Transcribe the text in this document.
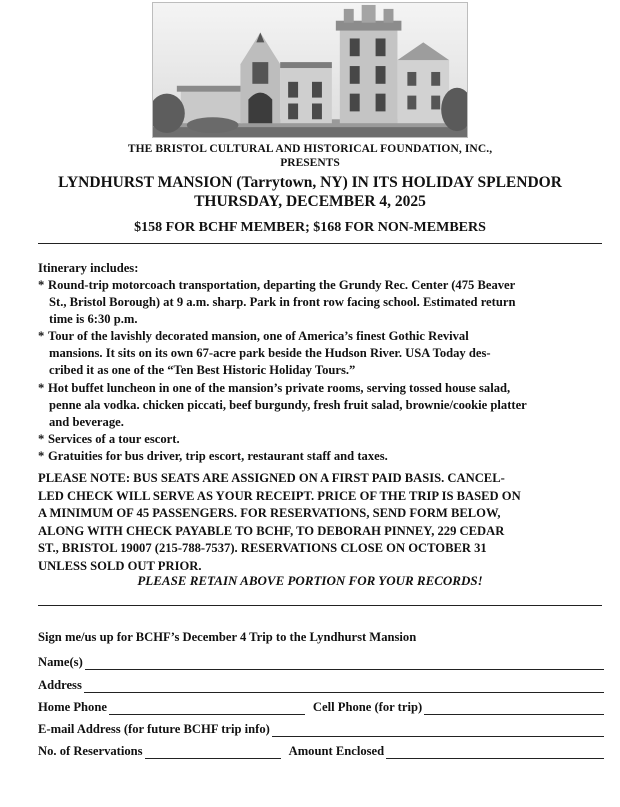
THE BRISTOL CULTURAL AND HISTORICAL FOUNDATION, INC.,
PRESENTS
LYNDHURST MANSION (Tarrytown, NY) IN ITS HOLIDAY SPLENDOR
THURSDAY, DECEMBER 4, 2025
$158 FOR BCHF MEMBER; $168 FOR NON-MEMBERS
Itinerary includes:
* Round-trip motorcoach transportation, departing the Grundy Rec. Center (475 Beaver
St., Bristol Borough) at 9 a.m. sharp. Park in front row facing school. Estimated return
time is 6:30 p.m.
* Tour of the lavishly decorated mansion, one of America’s finest Gothic Revival
mansions. It sits on its own 67-acre park beside the Hudson River. USA Today des-
cribed it as one of the “Ten Best Historic Holiday Tours.”
* Hot buffet luncheon in one of the mansion’s private rooms, serving tossed house salad,
penne ala vodka. chicken piccati, beef burgundy, fresh fruit salad, brownie/cookie platter
and beverage.
* Services of a tour escort.
* Gratuities for bus driver, trip escort, restaurant staff and taxes.
PLEASE NOTE: BUS SEATS ARE ASSIGNED ON A FIRST PAID BASIS. CANCEL-
LED CHECK WILL SERVE AS YOUR RECEIPT. PRICE OF THE TRIP IS BASED ON
A MINIMUM OF 45 PASSENGERS. FOR RESERVATIONS, SEND FORM BELOW,
ALONG WITH CHECK PAYABLE TO BCHF, TO DEBORAH PINNEY, 229 CEDAR
ST., BRISTOL 19007 (215-788-7537). RESERVATIONS CLOSE ON OCTOBER 31
UNLESS SOLD OUT PRIOR.
PLEASE RETAIN ABOVE PORTION FOR YOUR RECORDS!
Sign me/us up for BCHF’s December 4 Trip to the Lyndhurst Mansion
Name(s)
Address
Home Phone	Cell Phone (for trip)
E-mail Address (for future BCHF trip info)
No. of Reservations	Amount Enclosed
